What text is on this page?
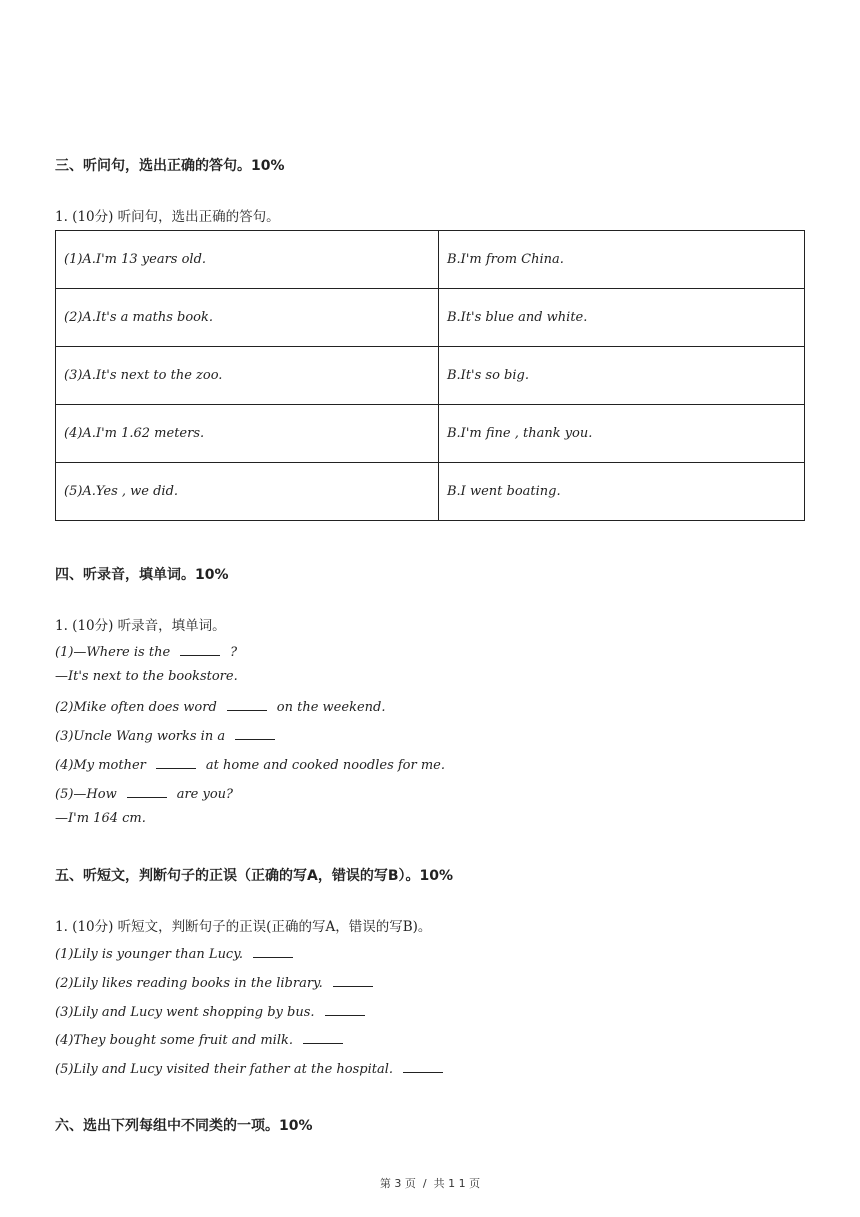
三、听问句，选出正确的答句。10%
1. (10分) 听问句，选出正确的答句。
(1)A.I'm 13 years old.	B.I'm from China.
(2)A.It's a maths book.	B.It's blue and white.
(3)A.It's next to the zoo.	B.It's so big.
(4)A.I'm 1.62 meters.	B.I'm fine , thank you.
(5)A.Yes , we did.	B.I went boating.
四、听录音，填单词。10%
1. (10分) 听录音，填单词。
(1)—Where is the	?
—It's next to the bookstore.
(2)Mike often does word	on the weekend.
(3)Uncle Wang works in a
(4)My mother	at home and cooked noodles for me.
(5)—How	are you?
—I'm 164 cm.
五、听短文，判断句子的正误（正确的写A，错误的写B）。10%
1. (10分) 听短文，判断句子的正误(正确的写A，错误的写B)。
(1)Lily is younger than Lucy.
(2)Lily likes reading books in the library.
(3)Lily and Lucy went shopping by bus.
(4)They bought some fruit and milk.
(5)Lily and Lucy visited their father at the hospital.
六、选出下列每组中不同类的一项。10%
第 3 页  /  共 1 1 页
